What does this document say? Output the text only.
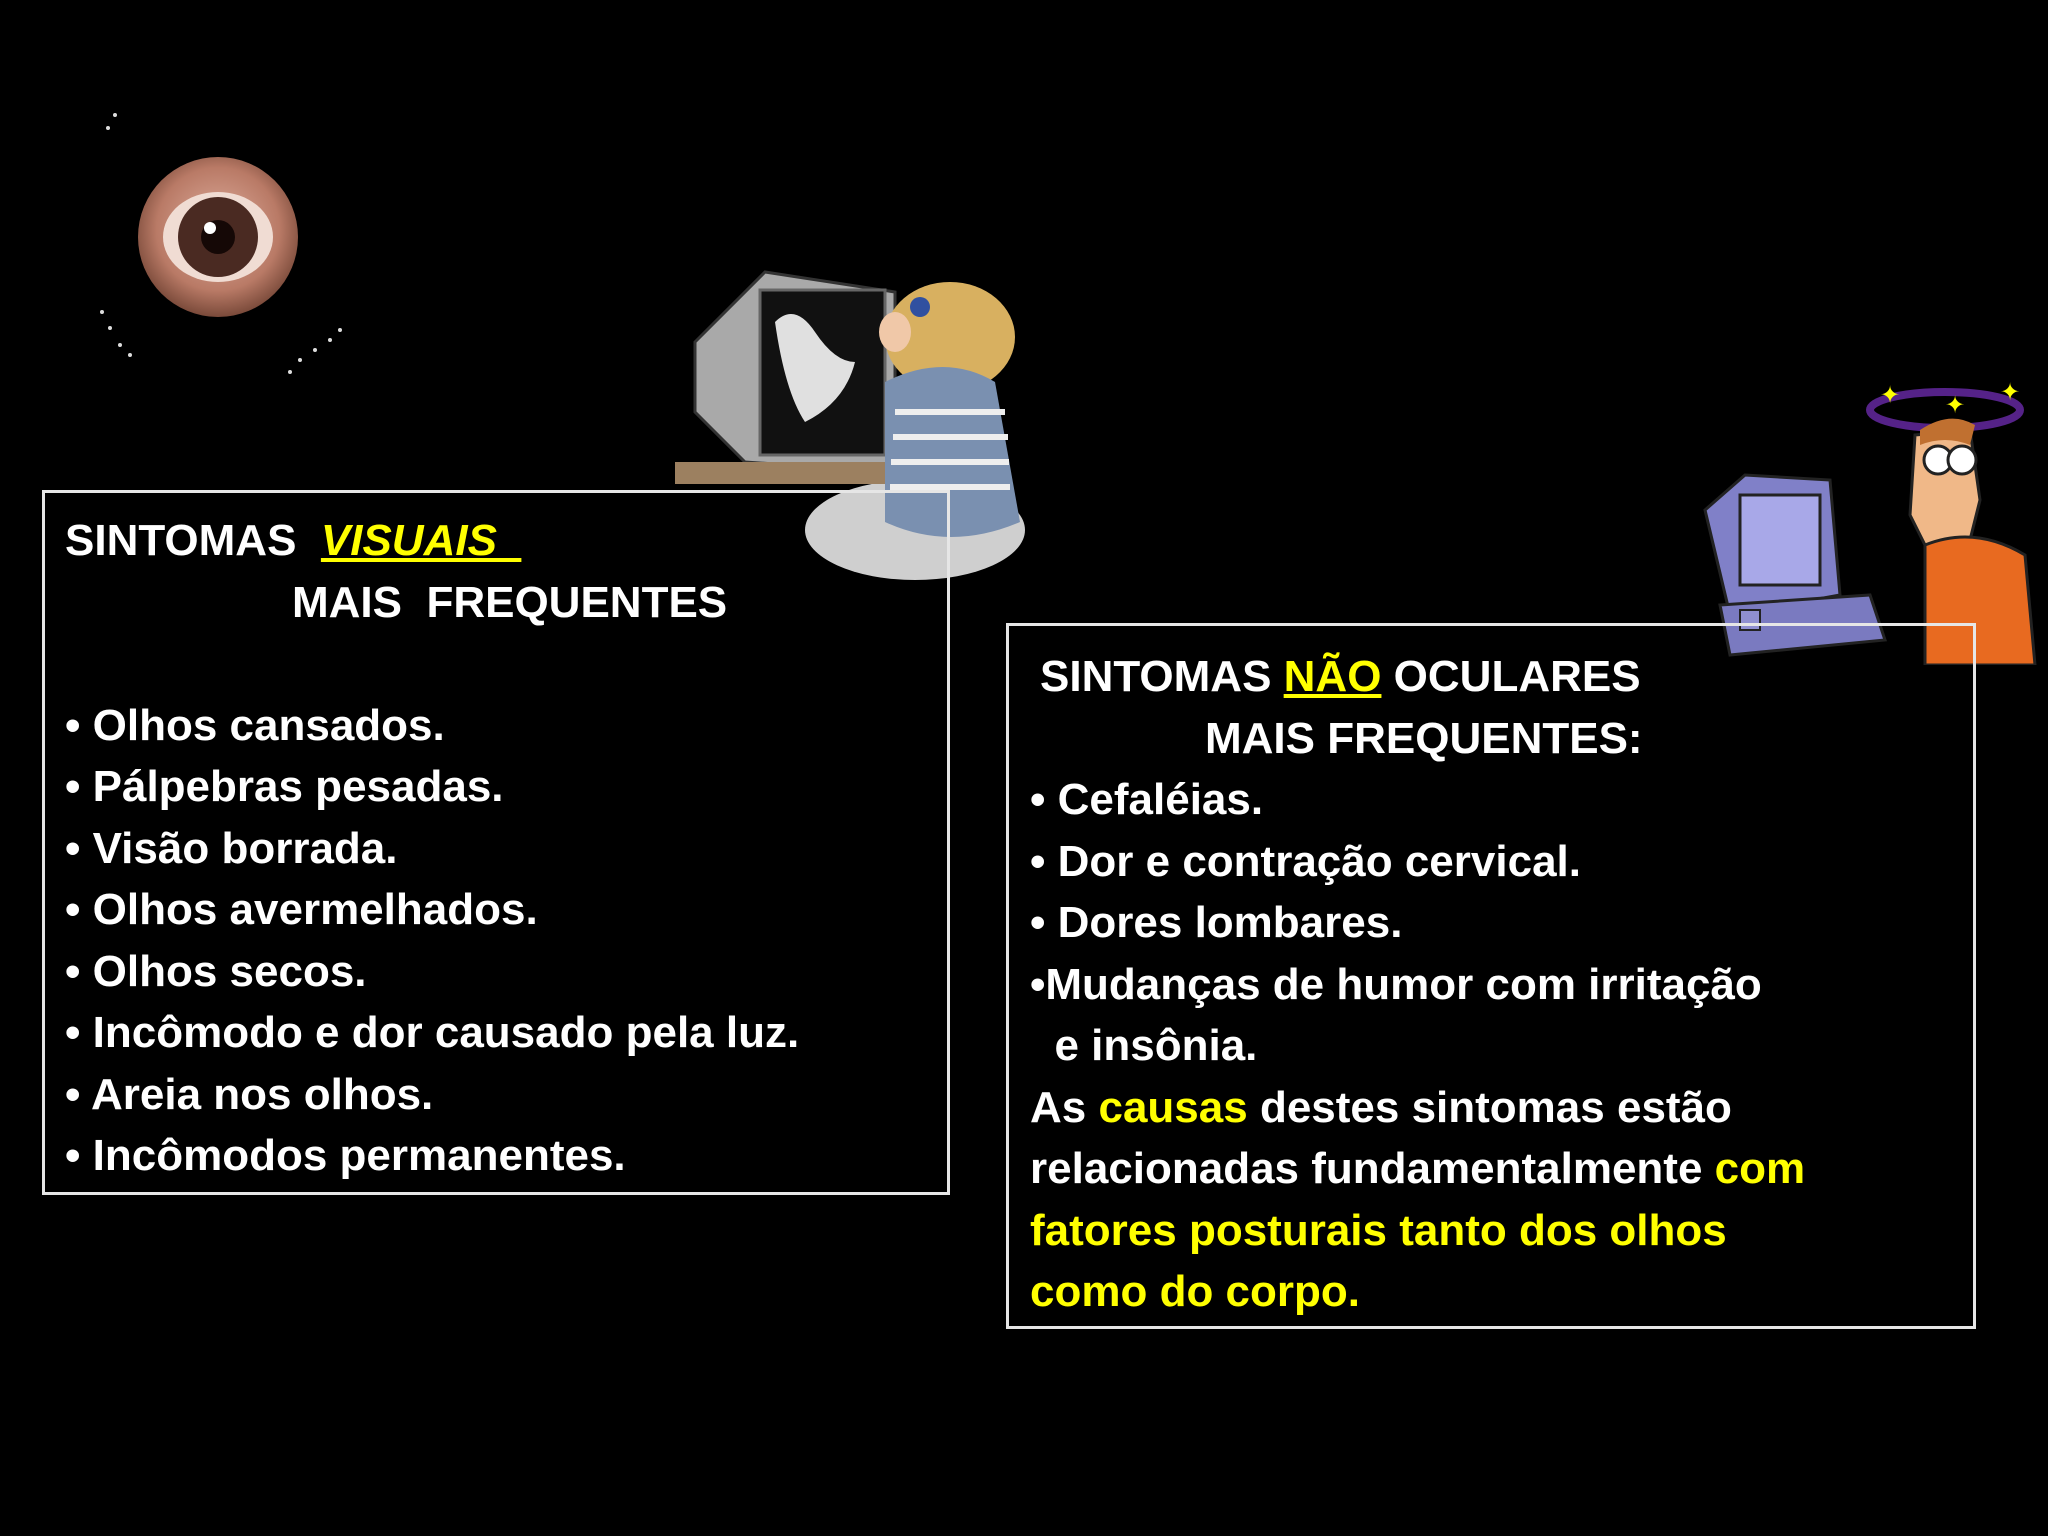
✦ ✦ ✦
SINTOMAS  VISUAIS
MAIS  FREQUENTES
• Olhos cansados.
• Pálpebras pesadas.
• Visão borrada.
• Olhos avermelhados.
• Olhos secos.
• Incômodo e dor causado pela luz.
• Areia nos olhos.
• Incômodos permanentes.
SINTOMAS NÃO OCULARES
MAIS FREQUENTES:
• Cefaléias.
• Dor e contração cervical.
• Dores lombares.
•Mudanças de humor com irritação
e insônia.
As causas destes sintomas estão
relacionadas fundamentalmente com
fatores posturais tanto dos olhos
como do corpo.
